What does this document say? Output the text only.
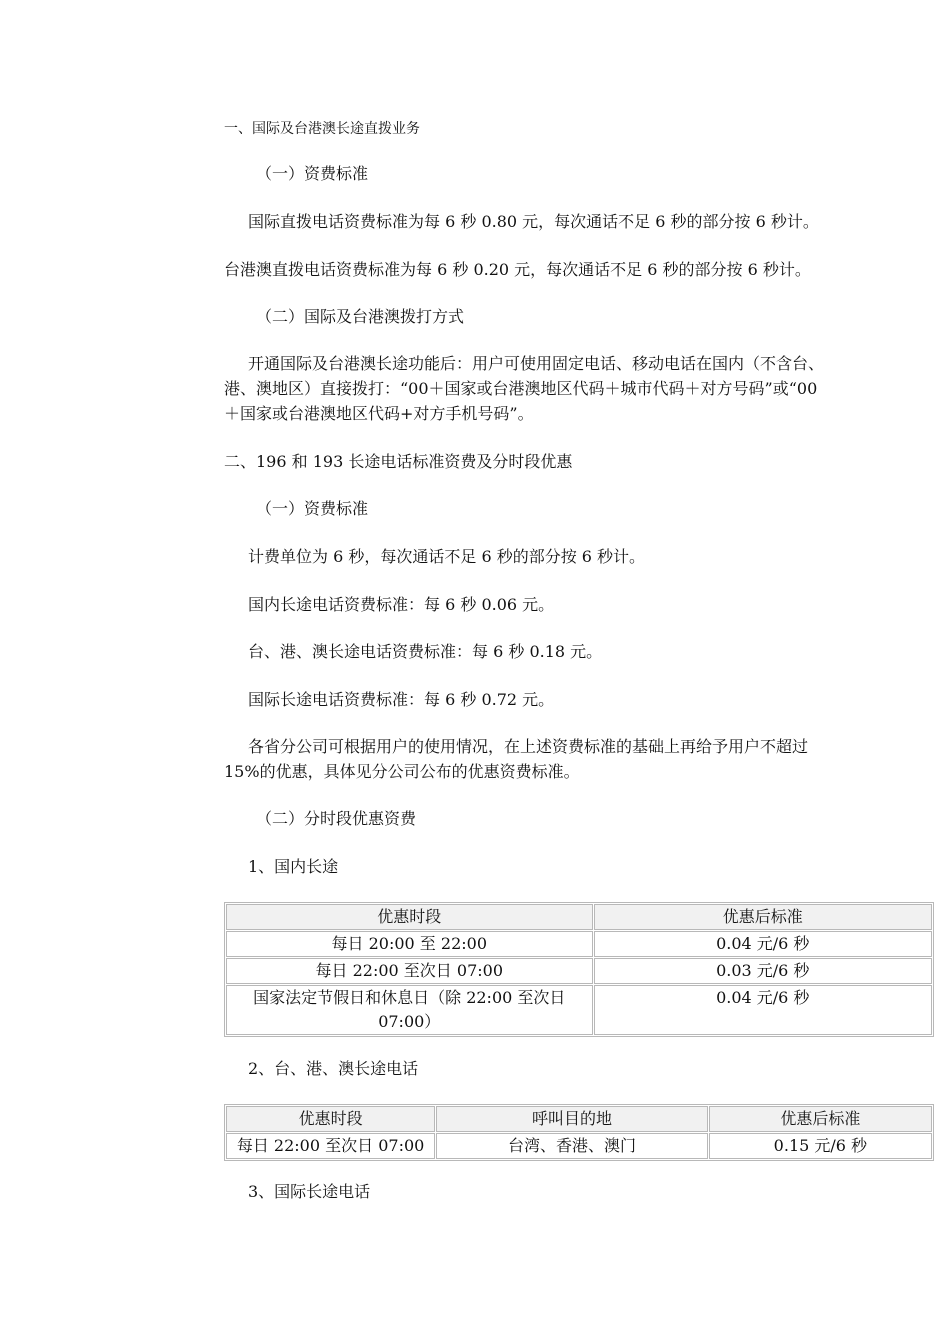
一、国际及台港澳长途直拨业务
（一）资费标准
国际直拨电话资费标准为每 6 秒 0.80 元，每次通话不足 6 秒的部分按 6 秒计。
台港澳直拨电话资费标准为每 6 秒 0.20 元，每次通话不足 6 秒的部分按 6 秒计。
（二）国际及台港澳拨打方式
开通国际及台港澳长途功能后：用户可使用固定电话、移动电话在国内（不含台、
港、澳地区）直接拨打：“00＋国家或台港澳地区代码＋城市代码＋对方号码”或“00
＋国家或台港澳地区代码+对方手机号码”。
二、196 和 193 长途电话标准资费及分时段优惠
（一）资费标准
计费单位为 6 秒，每次通话不足 6 秒的部分按 6 秒计。
国内长途电话资费标准：每 6 秒 0.06 元。
台、港、澳长途电话资费标准：每 6 秒 0.18 元。
国际长途电话资费标准：每 6 秒 0.72 元。
各省分公司可根据用户的使用情况，在上述资费标准的基础上再给予用户不超过
15%的优惠，具体见分公司公布的优惠资费标准。
（二）分时段优惠资费
1、国内长途
优惠时段	优惠后标准
每日 20:00 至 22:00	0.04 元/6 秒
每日 22:00 至次日 07:00	0.03 元/6 秒
国家法定节假日和休息日（除 22:00 至次日 07:00）	0.04 元/6 秒
2、台、港、澳长途电话
优惠时段	呼叫目的地	优惠后标准
每日 22:00 至次日 07:00	台湾、香港、澳门	0.15 元/6 秒
3、国际长途电话
